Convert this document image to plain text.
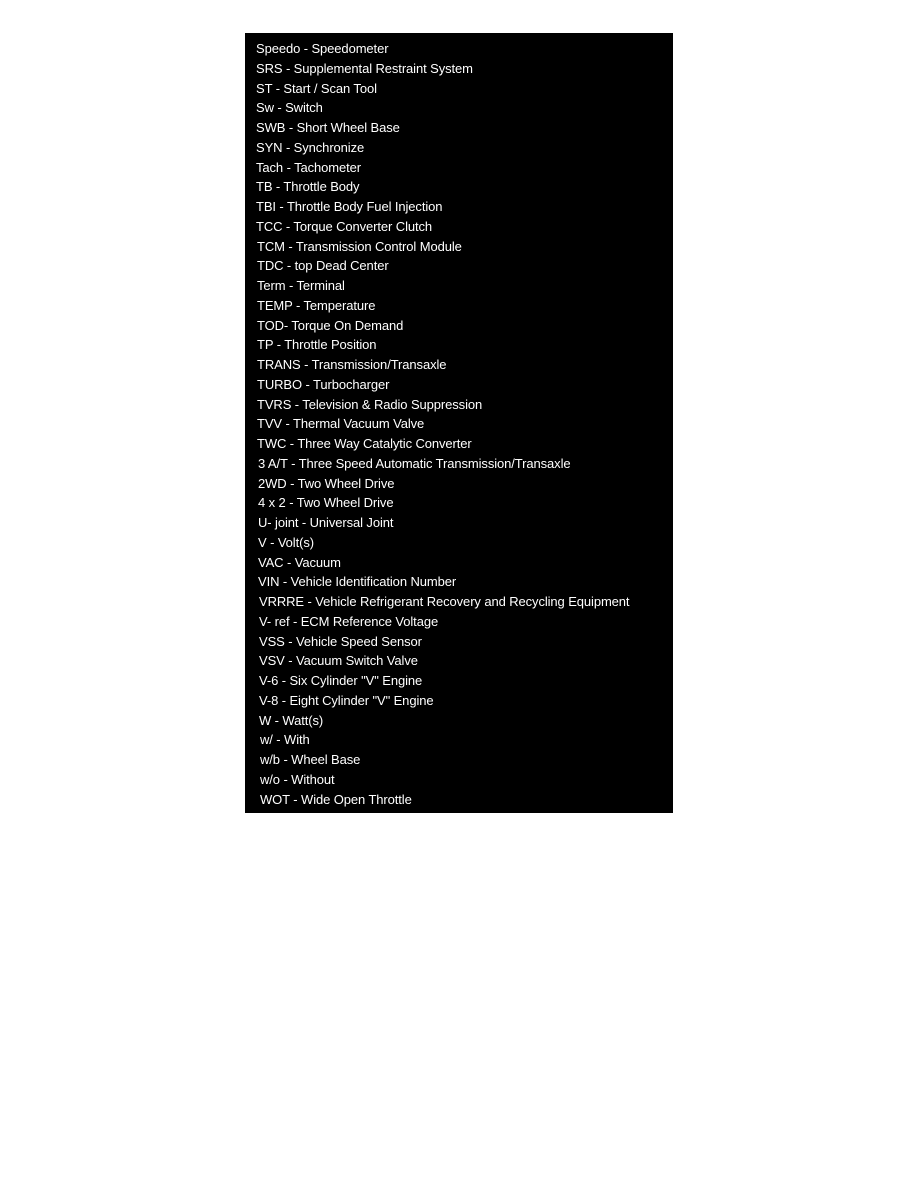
Speedo - Speedometer
SRS - Supplemental Restraint System
ST - Start / Scan Tool
Sw - Switch
SWB - Short Wheel Base
SYN - Synchronize
Tach - Tachometer
TB - Throttle Body
TBI - Throttle Body Fuel Injection
TCC - Torque Converter Clutch
TCM - Transmission Control Module
TDC - top Dead Center
Term - Terminal
TEMP - Temperature
TOD- Torque On Demand
TP - Throttle Position
TRANS - Transmission/Transaxle
TURBO - Turbocharger
TVRS - Television & Radio Suppression
TVV - Thermal Vacuum Valve
TWC - Three Way Catalytic Converter
3 A/T - Three Speed Automatic Transmission/Transaxle
2WD - Two Wheel Drive
4 x 2 - Two Wheel Drive
U- joint - Universal Joint
V - Volt(s)
VAC - Vacuum
VIN - Vehicle Identification Number
VRRRE - Vehicle Refrigerant Recovery and Recycling Equipment
V- ref - ECM Reference Voltage
VSS - Vehicle Speed Sensor
VSV - Vacuum Switch Valve
V-6 - Six Cylinder "V" Engine
V-8 - Eight Cylinder "V" Engine
W - Watt(s)
w/ - With
w/b - Wheel Base
w/o - Without
WOT - Wide Open Throttle
